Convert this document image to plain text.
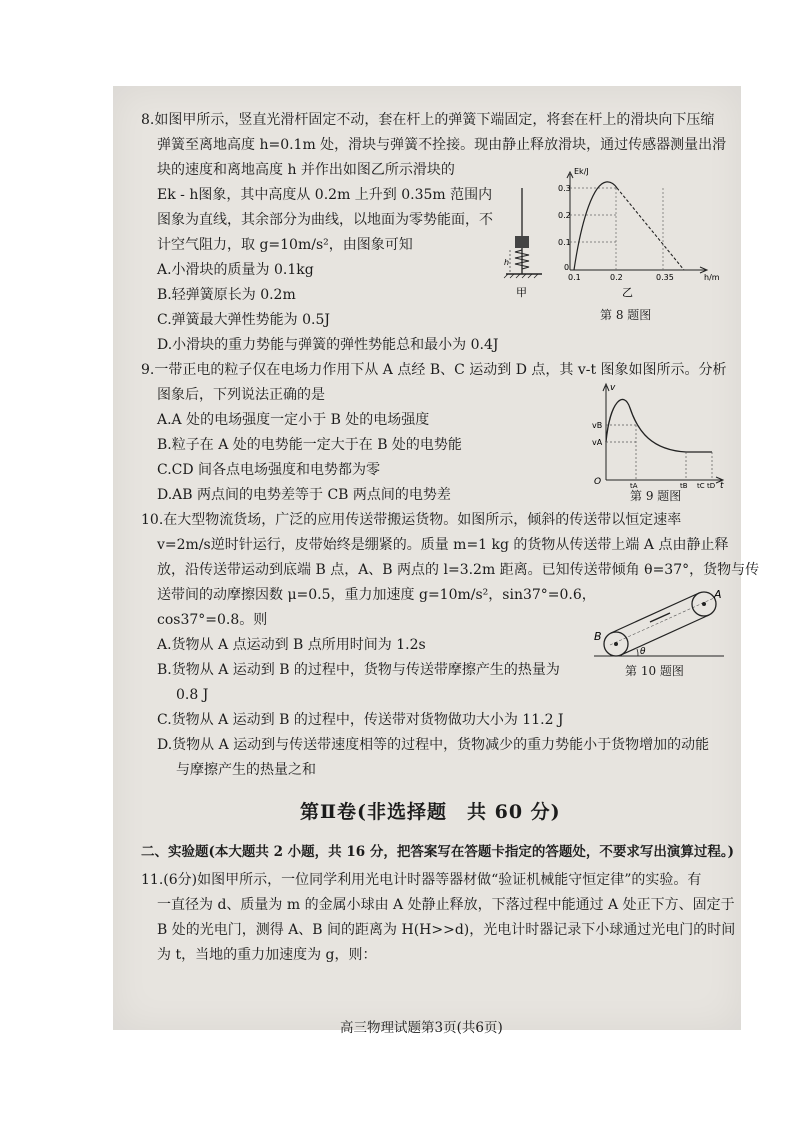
8.如图甲所示，竖直光滑杆固定不动，套在杆上的弹簧下端固定，将套在杆上的滑块向下压缩
弹簧至离地高度 h=0.1m 处，滑块与弹簧不拴接。现由静止释放滑块，通过传感器测量出滑
块的速度和离地高度 h 并作出如图乙所示滑块的
Ek - h图象，其中高度从 0.2m 上升到 0.35m 范围内
图象为直线，其余部分为曲线，以地面为零势能面，不
计空气阻力，取 g=10m/s²，由图象可知
A.小滑块的质量为 0.1kg
B.轻弹簧原长为 0.2m
C.弹簧最大弹性势能为 0.5J
D.小滑块的重力势能与弹簧的弹性势能总和最小为 0.4J
h
Ek/J
0.3
0.2
0.1
0
0.1	0.2	0.35	h/m
甲	乙
第 8 题图
9.一带正电的粒子仅在电场力作用下从 A 点经 B、C 运动到 D 点，其 v-t 图象如图所示。分析
图象后，下列说法正确的是
A.A 处的电场强度一定小于 B 处的电场强度
B.粒子在 A 处的电势能一定大于在 B 处的电势能
C.CD 间各点电场强度和电势都为零
D.AB 两点间的电势差等于 CB 两点间的电势差
v
t
O
vB
vA
tA	tB tC tD
第 9 题图
10.在大型物流货场，广泛的应用传送带搬运货物。如图所示，倾斜的传送带以恒定速率
v=2m/s逆时针运行，皮带始终是绷紧的。质量 m=1 kg 的货物从传送带上端 A 点由静止释
放，沿传送带运动到底端 B 点，A、B 两点的 l=3.2m 距离。已知传送带倾角 θ=37°，货物与传
送带间的动摩擦因数 μ=0.5，重力加速度 g=10m/s²，sin37°=0.6，
cos37°=0.8。则
A.货物从 A 点运动到 B 点所用时间为 1.2s
B.货物从 A 运动到 B 的过程中，货物与传送带摩擦产生的热量为
0.8 J
C.货物从 A 运动到 B 的过程中，传送带对货物做功大小为 11.2 J
D.货物从 A 运动到与传送带速度相等的过程中，货物减少的重力势能小于货物增加的动能
与摩擦产生的热量之和
θ
A
B
第 10 题图
第Ⅱ卷(非选择题　共 60 分)
二、实验题(本大题共 2 小题，共 16 分，把答案写在答题卡指定的答题处，不要求写出演算过程。)
11.(6分)如图甲所示，一位同学利用光电计时器等器材做“验证机械能守恒定律”的实验。有
一直径为 d、质量为 m 的金属小球由 A 处静止释放，下落过程中能通过 A 处正下方、固定于
B 处的光电门，测得 A、B 间的距离为 H(H>>d)，光电计时器记录下小球通过光电门的时间
为 t，当地的重力加速度为 g，则：
高三物理试题第3页(共6页)
